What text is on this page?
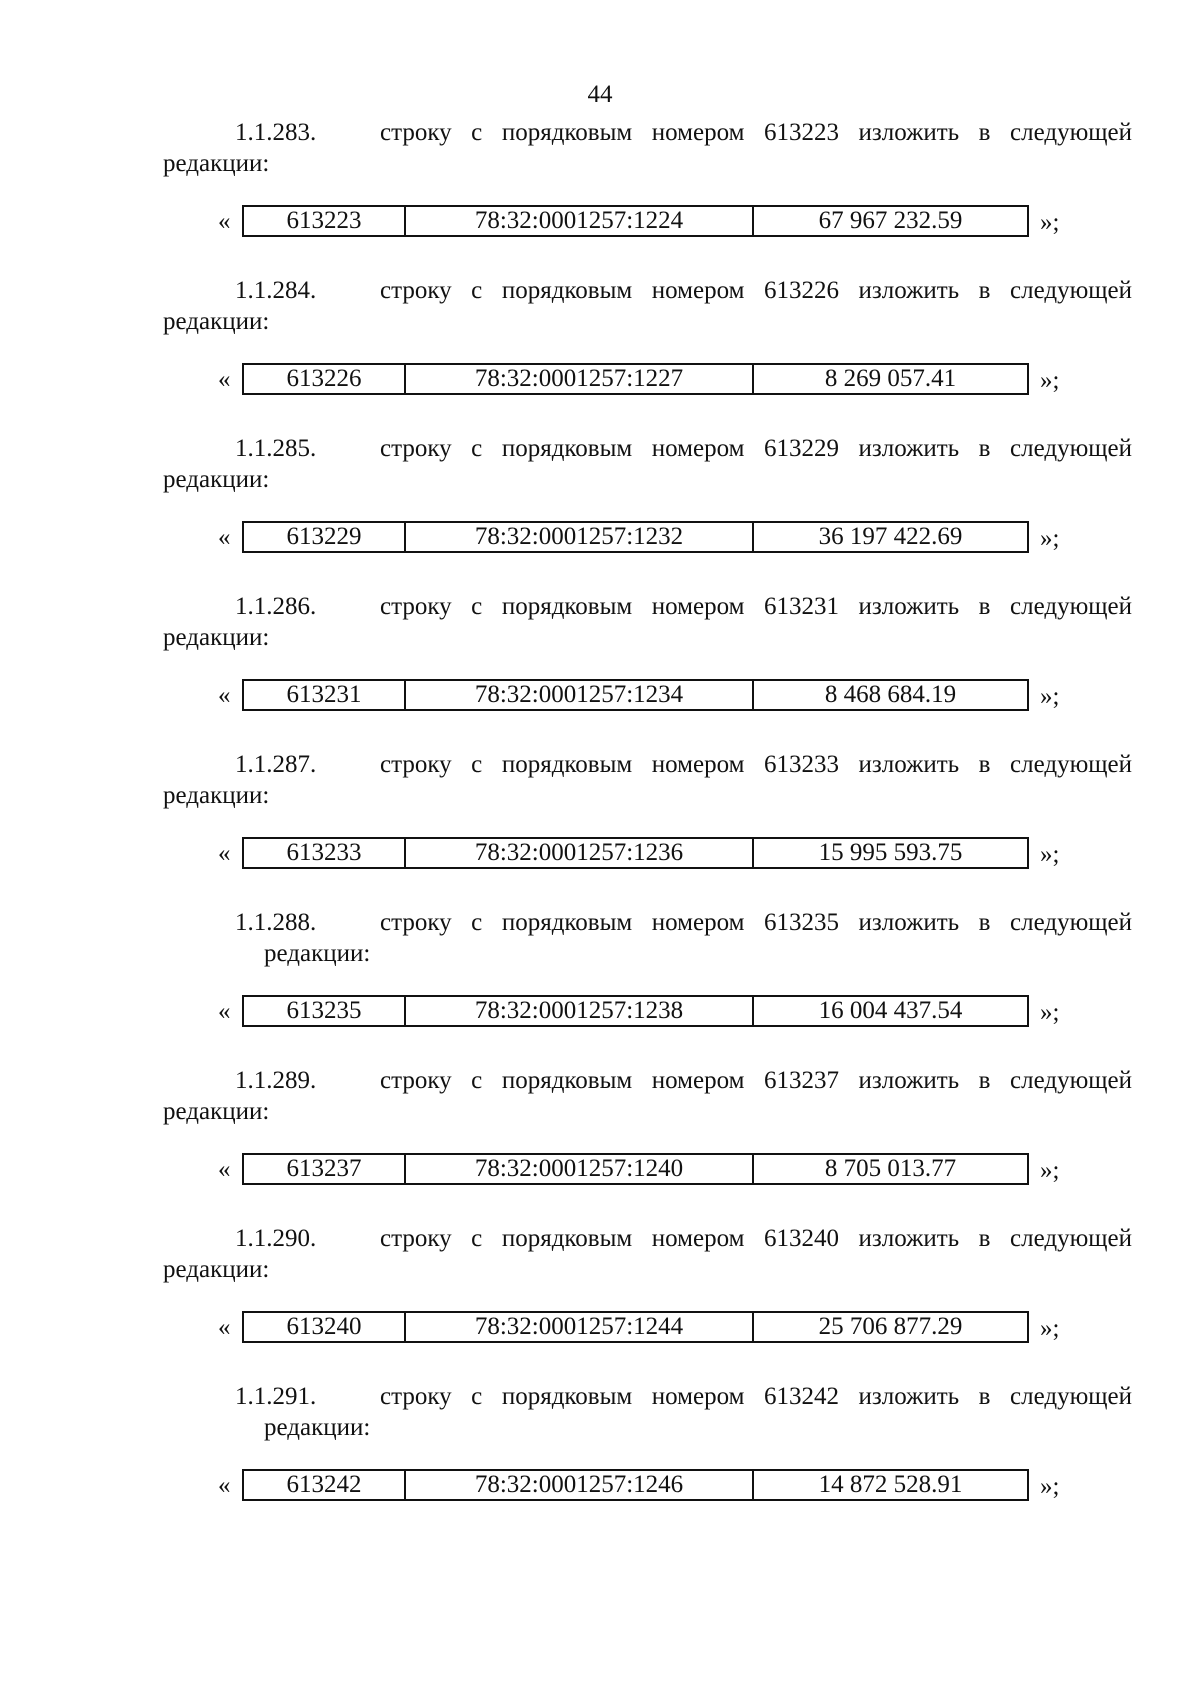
44
1.1.283.	строку с порядковым номером 613223 изложить в следующей
редакции:
«	613223	78:32:0001257:1224	67 967 232.59	»;
1.1.284.	строку с порядковым номером 613226 изложить в следующей
редакции:
«	613226	78:32:0001257:1227	8 269 057.41	»;
1.1.285.	строку с порядковым номером 613229 изложить в следующей
редакции:
«	613229	78:32:0001257:1232	36 197 422.69	»;
1.1.286.	строку с порядковым номером 613231 изложить в следующей
редакции:
«	613231	78:32:0001257:1234	8 468 684.19	»;
1.1.287.	строку с порядковым номером 613233 изложить в следующей
редакции:
«	613233	78:32:0001257:1236	15 995 593.75	»;
1.1.288.	строку с порядковым номером 613235 изложить в следующей
редакции:
«	613235	78:32:0001257:1238	16 004 437.54	»;
1.1.289.	строку с порядковым номером 613237 изложить в следующей
редакции:
«	613237	78:32:0001257:1240	8 705 013.77	»;
1.1.290.	строку с порядковым номером 613240 изложить в следующей
редакции:
«	613240	78:32:0001257:1244	25 706 877.29	»;
1.1.291.	строку с порядковым номером 613242 изложить в следующей
редакции:
«	613242	78:32:0001257:1246	14 872 528.91	»;
